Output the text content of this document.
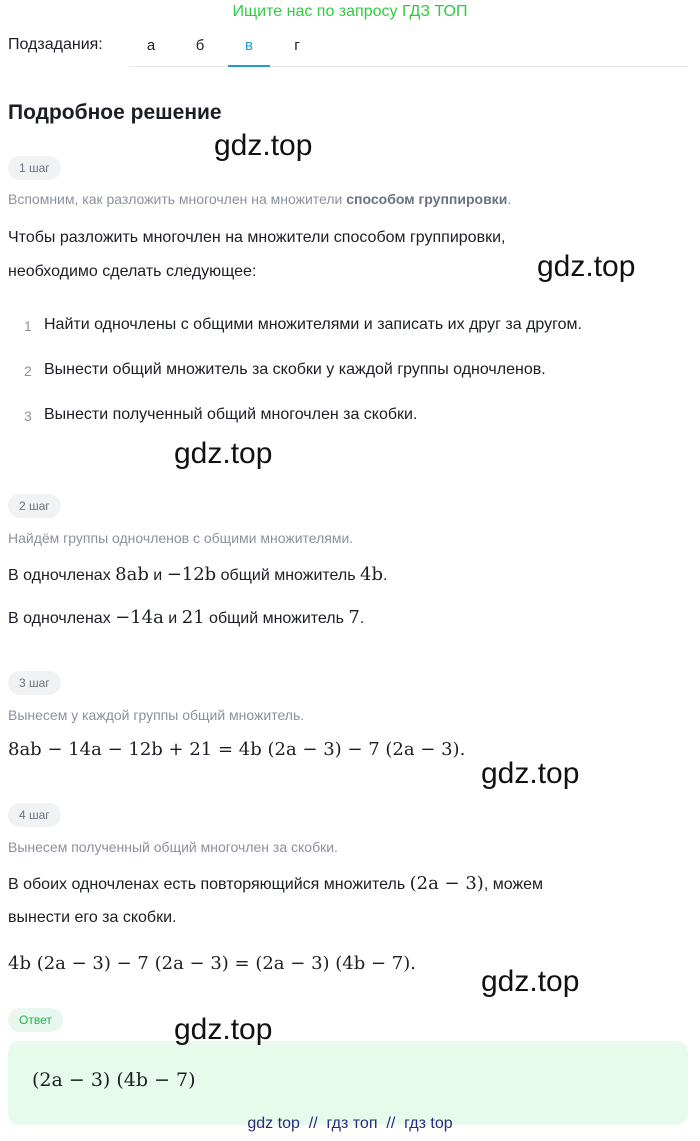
Ищите нас по запросу ГДЗ ТОП
Подзадания:	а	б	в	г
Подробное решение
1 шаг
Вспомним, как разложить многочлен на множители способом группировки.
Чтобы разложить многочлен на множители способом группировки,
необходимо сделать следующее:
1 Найти одночлены с общими множителями и записать их друг за другом.
2 Вынести общий множитель за скобки у каждой группы одночленов.
3 Вынести полученный общий многочлен за скобки.
2 шаг
Найдём группы одночленов с общими множителями.
В одночленах 8ab и −12b общий множитель 4b.
В одночленах −14a и 21 общий множитель 7.
3 шаг
Вынесем у каждой группы общий множитель.
8ab − 14a − 12b + 21 = 4b (2a − 3) − 7 (2a − 3).
4 шаг
Вынесем полученный общий многочлен за скобки.
В обоих одночленах есть повторяющийся множитель (2a − 3), можем
вынести его за скобки.
4b (2a − 3) − 7 (2a − 3) = (2a − 3) (4b − 7).
Ответ
(2a − 3) (4b − 7)
gdz.top
gdz.top
gdz.top
gdz.top
gdz.top
gdz.top
gdz top  //  гдз топ  //  гдз top
